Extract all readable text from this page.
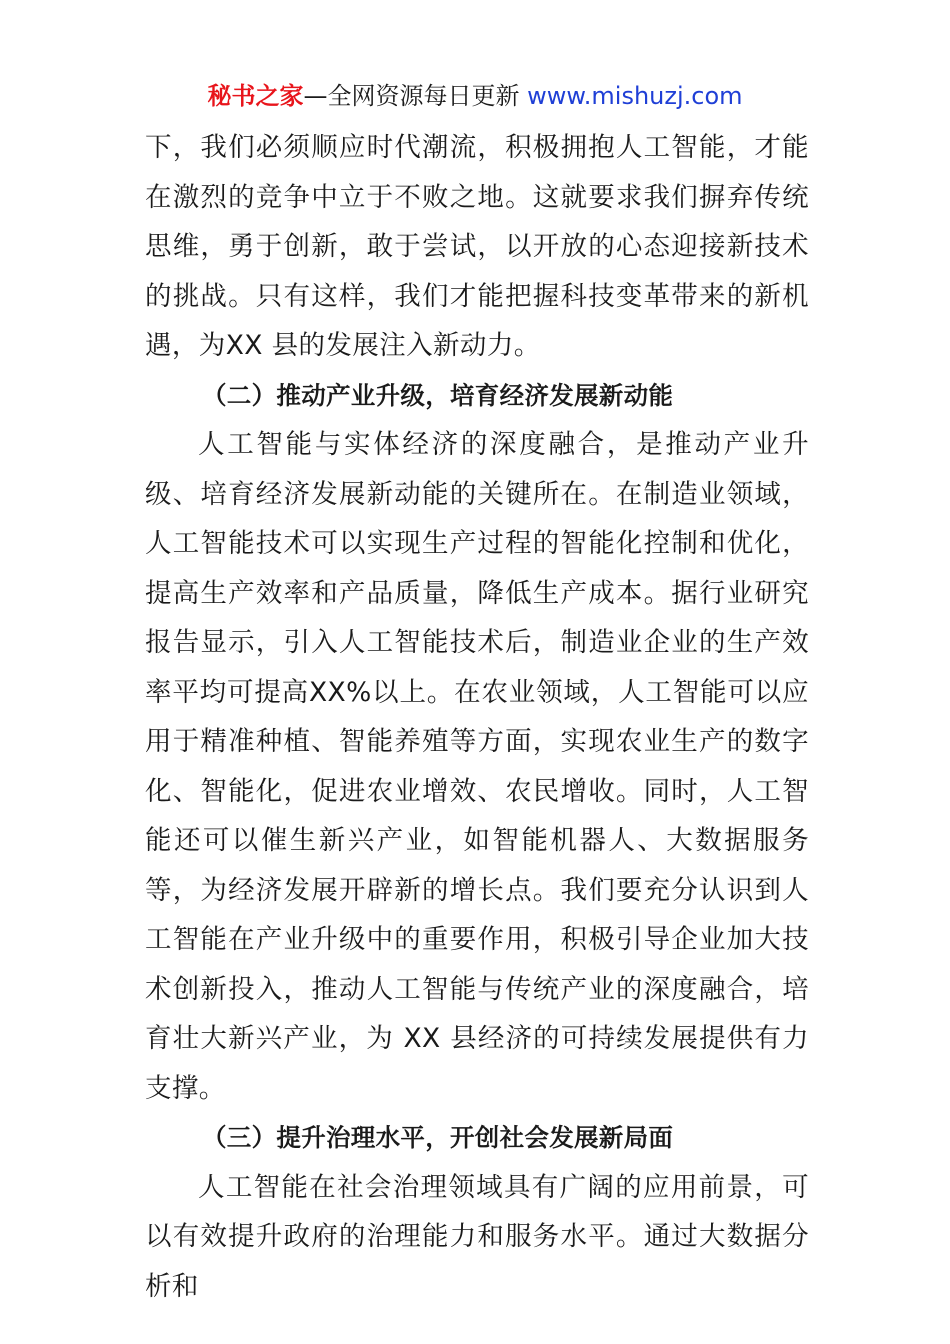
秘书之家—全网资源每日更新 www.mishuzj.com

下，我们必须顺应时代潮流，积极拥抱人工智能，才能在激烈的竞争中立于不败之地。这就要求我们摒弃传统思维，勇于创新，敢于尝试，以开放的心态迎接新技术的挑战。只有这样，我们才能把握科技变革带来的新机遇，为XX 县的发展注入新动力。

（二）推动产业升级，培育经济发展新动能

人工智能与实体经济的深度融合，是推动产业升级、培育经济发展新动能的关键所在。在制造业领域，人工智能技术可以实现生产过程的智能化控制和优化，提高生产效率和产品质量，降低生产成本。据行业研究报告显示，引入人工智能技术后，制造业企业的生产效率平均可提高XX%以上。在农业领域，人工智能可以应用于精准种植、智能养殖等方面，实现农业生产的数字化、智能化，促进农业增效、农民增收。同时，人工智能还可以催生新兴产业，如智能机器人、大数据服务等，为经济发展开辟新的增长点。我们要充分认识到人工智能在产业升级中的重要作用，积极引导企业加大技术创新投入，推动人工智能与传统产业的深度融合，培育壮大新兴产业，为 XX 县经济的可持续发展提供有力支撑。

（三）提升治理水平，开创社会发展新局面

人工智能在社会治理领域具有广阔的应用前景，可以有效提升政府的治理能力和服务水平。通过大数据分析和
